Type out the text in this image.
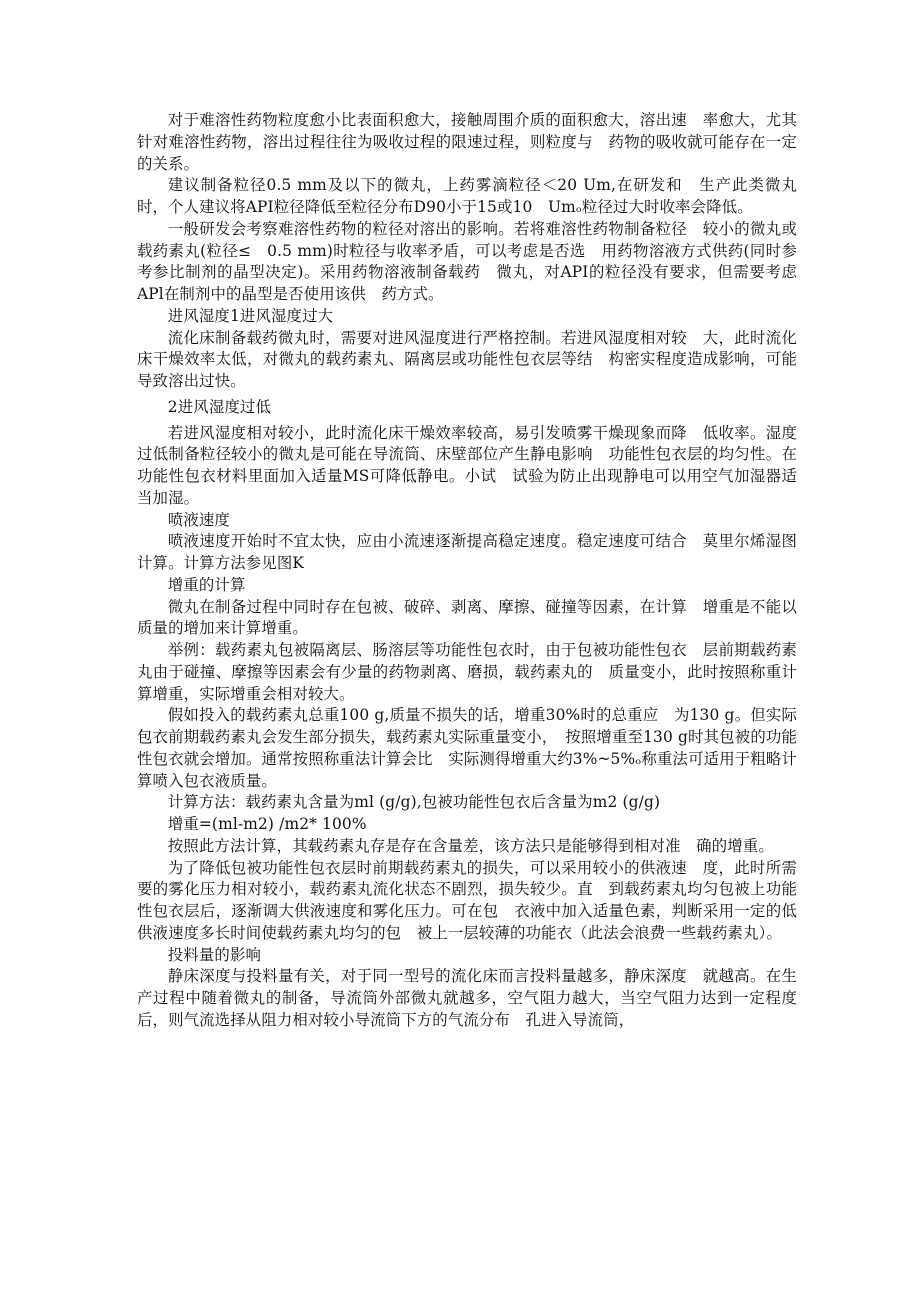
对于难溶性药物粒度愈小比表面积愈大，接触周围介质的面积愈大，溶出速　率愈大，尤其针对难溶性药物，溶出过程往往为吸收过程的限速过程，则粒度与　药物的吸收就可能存在一定的关系。

建议制备粒径0.5 mm及以下的微丸，上药雾滴粒径＜20 Um,在研发和　生产此类微丸时，个人建议将API粒径降低至粒径分布D90小于15或10　Umₒ粒径过大时收率会降低。

一般研发会考察难溶性药物的粒径对溶出的影响。若将难溶性药物制备粒径　较小的微丸或载药素丸(粒径≤　0.5 mm)时粒径与收率矛盾，可以考虑是否选　用药物溶液方式供药(同时参考参比制剂的晶型决定)。采用药物溶液制备载药　微丸，对API的粒径没有要求，但需要考虑APl在制剂中的晶型是否使用该供　药方式。

进风湿度1进风湿度过大

流化床制备载药微丸时，需要对进风湿度进行严格控制。若进风湿度相对较　大，此时流化床干燥效率太低，对微丸的载药素丸、隔离层或功能性包衣层等结　构密实程度造成影响，可能导致溶出过快。

2进风湿度过低

若进风湿度相对较小，此时流化床干燥效率较高，易引发喷雾干燥现象而降　低收率。湿度过低制备粒径较小的微丸是可能在导流筒、床壁部位产生静电影响　功能性包衣层的均匀性。在功能性包衣材料里面加入适量MS可降低静电。小试　试验为防止出现静电可以用空气加湿器适当加湿。

喷液速度

喷液速度开始时不宜太快，应由小流速逐渐提高稳定速度。稳定速度可结合　莫里尔烯湿图计算。计算方法参见图K

增重的计算

微丸在制备过程中同时存在包被、破碎、剥离、摩擦、碰撞等因素，在计算　增重是不能以质量的增加来计算增重。

举例：载药素丸包被隔离层、肠溶层等功能性包衣时，由于包被功能性包衣　层前期载药素丸由于碰撞、摩擦等因素会有少量的药物剥离、磨损，载药素丸的　质量变小，此时按照称重计算增重，实际增重会相对较大。

假如投入的载药素丸总重100 g,质量不损失的话，增重30%时的总重应　为130 g。但实际包衣前期载药素丸会发生部分损失，载药素丸实际重量变小，　按照增重至130 g时其包被的功能性包衣就会增加。通常按照称重法计算会比　实际测得增重大约3%~5%ₒ称重法可适用于粗略计算喷入包衣液质量。

计算方法：载药素丸含量为ml (g/g),包被功能性包衣后含量为m2 (g/g)

增重=(ml-m2) /m2* 100%

按照此方法计算，其载药素丸存是存在含量差，该方法只是能够得到相对准　确的增重。

为了降低包被功能性包衣层时前期载药素丸的损失，可以采用较小的供液速　度，此时所需要的雾化压力相对较小，载药素丸流化状态不剧烈，损失较少。直　到载药素丸均匀包被上功能性包衣层后，逐渐调大供液速度和雾化压力。可在包　衣液中加入适量色素，判断采用一定的低供液速度多长时间使载药素丸均匀的包　被上一层较薄的功能衣（此法会浪费一些载药素丸）。

投料量的影响

静床深度与投料量有关，对于同一型号的流化床而言投料量越多，静床深度　就越高。在生产过程中随着微丸的制备，导流筒外部微丸就越多，空气阻力越大，当空气阻力达到一定程度后，则气流选择从阻力相对较小导流筒下方的气流分布　孔进入导流筒，
